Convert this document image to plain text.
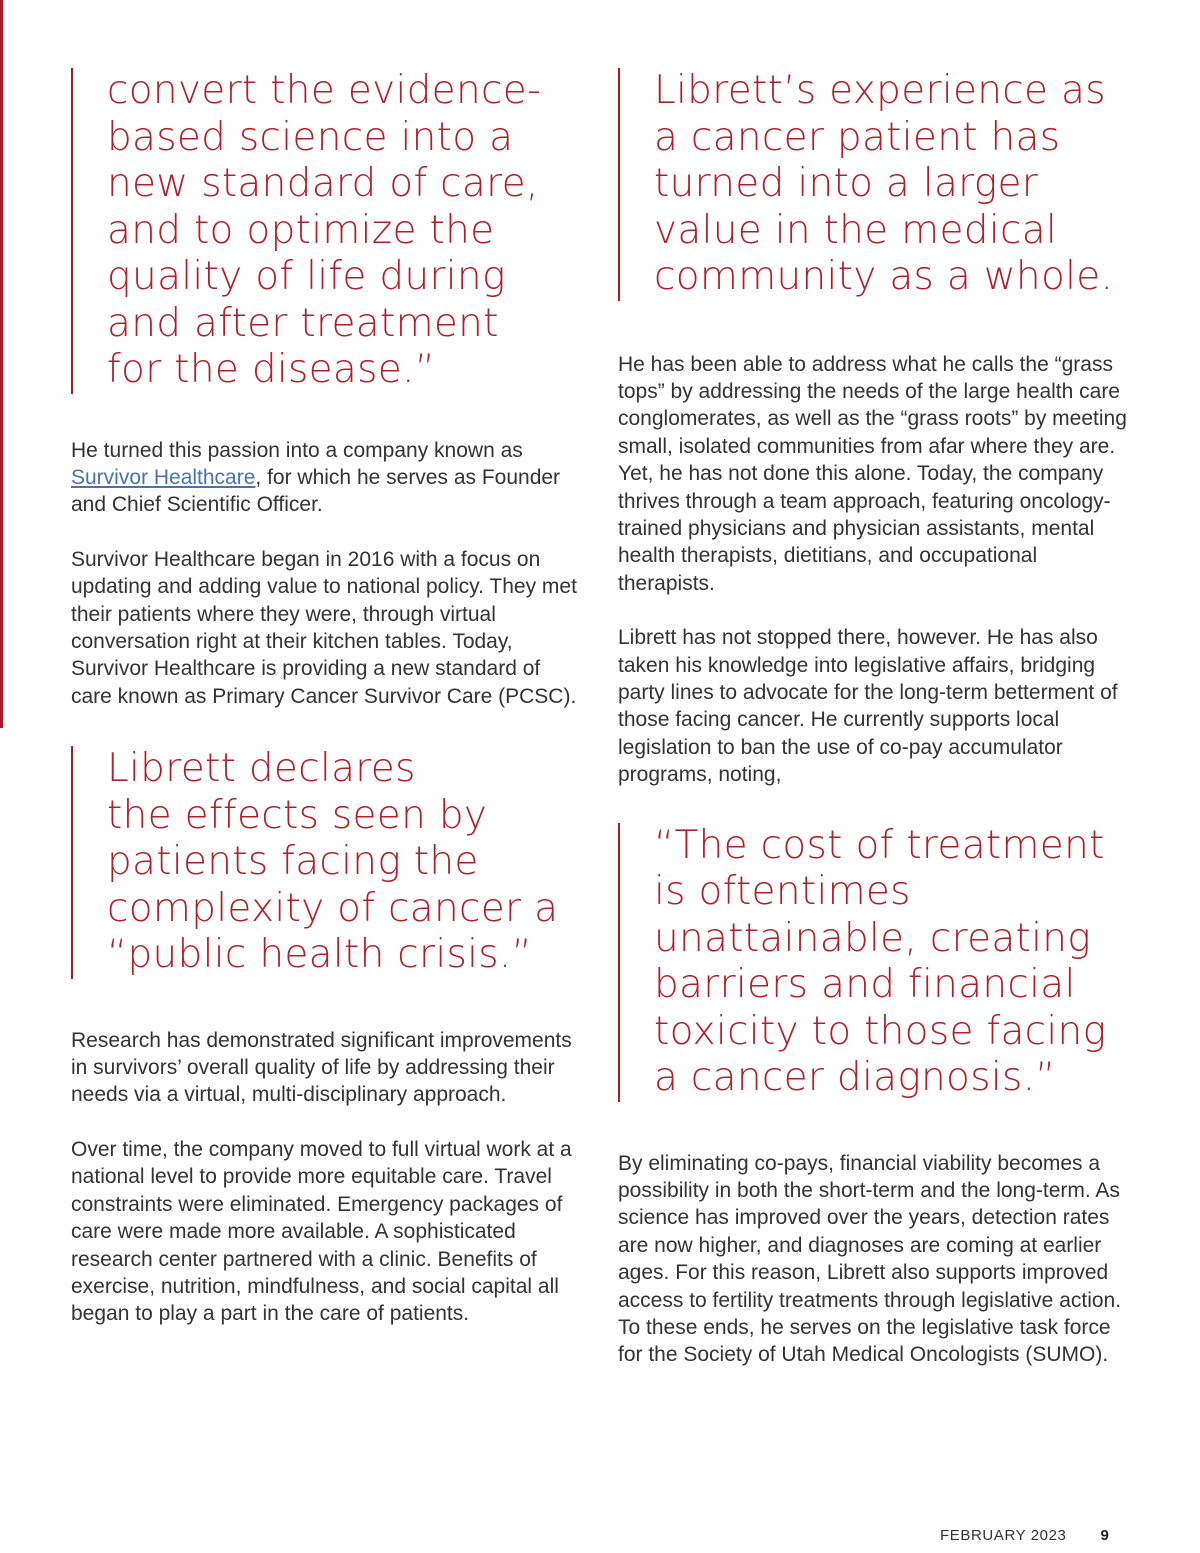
convert the evidence-

based science into a

new standard of care,

and to optimize the

quality of life during

and after treatment

for the disease.”

He turned this passion into a company known as Survivor Healthcare, for which he serves as Founder and Chief Scientific Officer.

Survivor Healthcare began in 2016 with a focus on updating and adding value to national policy. They met their patients where they were, through virtual conversation right at their kitchen tables. Today, Survivor Healthcare is providing a new standard of care known as Primary Cancer Survivor Care (PCSC).

Librett declares

the effects seen by

patients facing the

complexity of cancer a

“public health crisis.”

Research has demonstrated significant improvements in survivors’ overall quality of life by addressing their needs via a virtual, multi-disciplinary approach.

Over time, the company moved to full virtual work at a national level to provide more equitable care. Travel constraints were eliminated. Emergency packages of care were made more available. A sophisticated research center partnered with a clinic. Benefits of exercise, nutrition, mindfulness, and social capital all began to play a part in the care of patients.

Librett’s experience as

a cancer patient has

turned into a larger

value in the medical

community as a whole.

He has been able to address what he calls the “grass tops” by addressing the needs of the large health care conglomerates, as well as the “grass roots” by meeting small, isolated communities from afar where they are. Yet, he has not done this alone. Today, the company thrives through a team approach, featuring oncology-trained physicians and physician assistants, mental health therapists, dietitians, and occupational therapists.

Librett has not stopped there, however. He has also taken his knowledge into legislative affairs, bridging party lines to advocate for the long-term betterment of those facing cancer. He currently supports local legislation to ban the use of co-pay accumulator programs, noting,

“The cost of treatment

is oftentimes

unattainable, creating

barriers and financial

toxicity to those facing

a cancer diagnosis.”

By eliminating co-pays, financial viability becomes a possibility in both the short-term and the long-term. As science has improved over the years, detection rates are now higher, and diagnoses are coming at earlier ages. For this reason, Librett also supports improved access to fertility treatments through legislative action. To these ends, he serves on the legislative task force for the Society of Utah Medical Oncologists (SUMO).

FEBRUARY 2023 9
